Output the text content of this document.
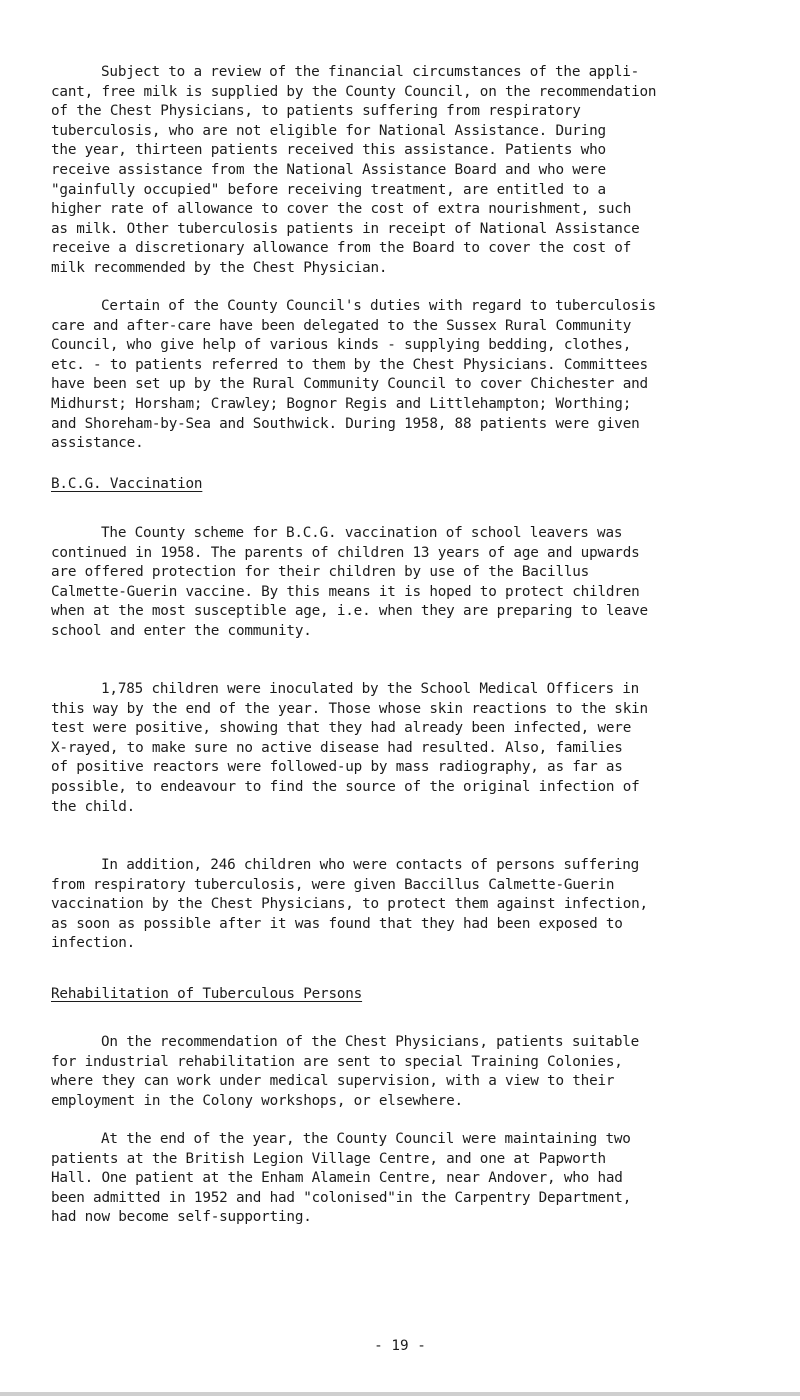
Subject to a review of the financial circumstances of the appli-
cant, free milk is supplied by the County Council, on the recommendation
of the Chest Physicians, to patients suffering from respiratory
tuberculosis, who are not eligible for National Assistance. During
the year, thirteen patients received this assistance. Patients who
receive assistance from the National Assistance Board and who were
"gainfully occupied" before receiving treatment, are entitled to a
higher rate of allowance to cover the cost of extra nourishment, such
as milk. Other tuberculosis patients in receipt of National Assistance
receive a discretionary allowance from the Board to cover the cost of
milk recommended by the Chest Physician.

Certain of the County Council's duties with regard to tuberculosis
care and after-care have been delegated to the Sussex Rural Community
Council, who give help of various kinds - supplying bedding, clothes,
etc. - to patients referred to them by the Chest Physicians. Committees
have been set up by the Rural Community Council to cover Chichester and
Midhurst; Horsham; Crawley; Bognor Regis and Littlehampton; Worthing;
and Shoreham-by-Sea and Southwick. During 1958, 88 patients were given
assistance.

B.C.G. Vaccination

The County scheme for B.C.G. vaccination of school leavers was
continued in 1958. The parents of children 13 years of age and upwards
are offered protection for their children by use of the Bacillus
Calmette-Guerin vaccine. By this means it is hoped to protect children
when at the most susceptible age, i.e. when they are preparing to leave
school and enter the community.

1,785 children were inoculated by the School Medical Officers in
this way by the end of the year. Those whose skin reactions to the skin
test were positive, showing that they had already been infected, were
X-rayed, to make sure no active disease had resulted. Also, families
of positive reactors were followed-up by mass radiography, as far as
possible, to endeavour to find the source of the original infection of
the child.

In addition, 246 children who were contacts of persons suffering
from respiratory tuberculosis, were given Baccillus Calmette-Guerin
vaccination by the Chest Physicians, to protect them against infection,
as soon as possible after it was found that they had been exposed to
infection.

Rehabilitation of Tuberculous Persons

On the recommendation of the Chest Physicians, patients suitable
for industrial rehabilitation are sent to special Training Colonies,
where they can work under medical supervision, with a view to their
employment in the Colony workshops, or elsewhere.

At the end of the year, the County Council were maintaining two
patients at the British Legion Village Centre, and one at Papworth
Hall. One patient at the Enham Alamein Centre, near Andover, who had
been admitted in 1952 and had "colonised"in the Carpentry Department,
had now become self-supporting.

- 19 -
